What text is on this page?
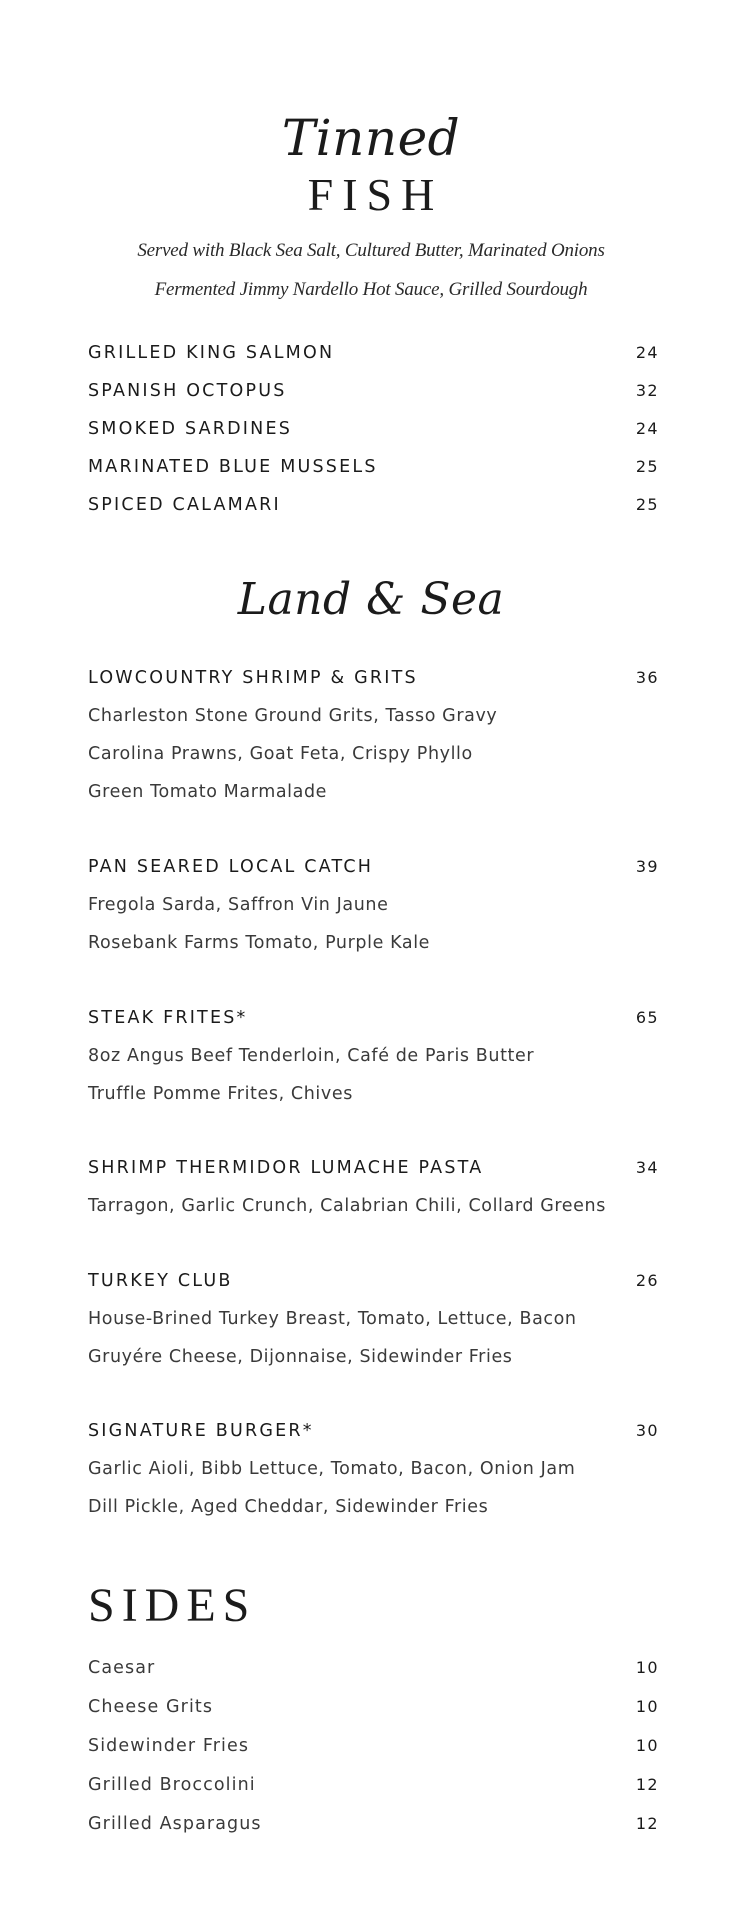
Tinned
FISH

Served with Black Sea Salt, Cultured Butter, Marinated Onions

Fermented Jimmy Nardello Hot Sauce, Grilled Sourdough

GRILLED KING SALMON	24
SPANISH OCTOPUS	32
SMOKED SARDINES	24
MARINATED BLUE MUSSELS	25
SPICED CALAMARI	25
Land & Sea
LOWCOUNTRY SHRIMP & GRITS	36
Charleston Stone Ground Grits, Tasso Gravy
Carolina Prawns, Goat Feta, Crispy Phyllo
Green Tomato Marmalade
PAN SEARED LOCAL CATCH	39
Fregola Sarda, Saffron Vin Jaune
Rosebank Farms Tomato, Purple Kale
STEAK FRITES*	65
8oz Angus Beef Tenderloin, Café de Paris Butter
Truffle Pomme Frites, Chives
SHRIMP THERMIDOR LUMACHE PASTA	34
Tarragon, Garlic Crunch, Calabrian Chili, Collard Greens
TURKEY CLUB	26
House-Brined Turkey Breast, Tomato, Lettuce, Bacon
Gruyére Cheese, Dijonnaise, Sidewinder Fries
SIGNATURE BURGER*	30
Garlic Aioli, Bibb Lettuce, Tomato, Bacon, Onion Jam
Dill Pickle, Aged Cheddar, Sidewinder Fries
SIDES
Caesar	10
Cheese Grits	10
Sidewinder Fries	10
Grilled Broccolini	12
Grilled Asparagus	12
